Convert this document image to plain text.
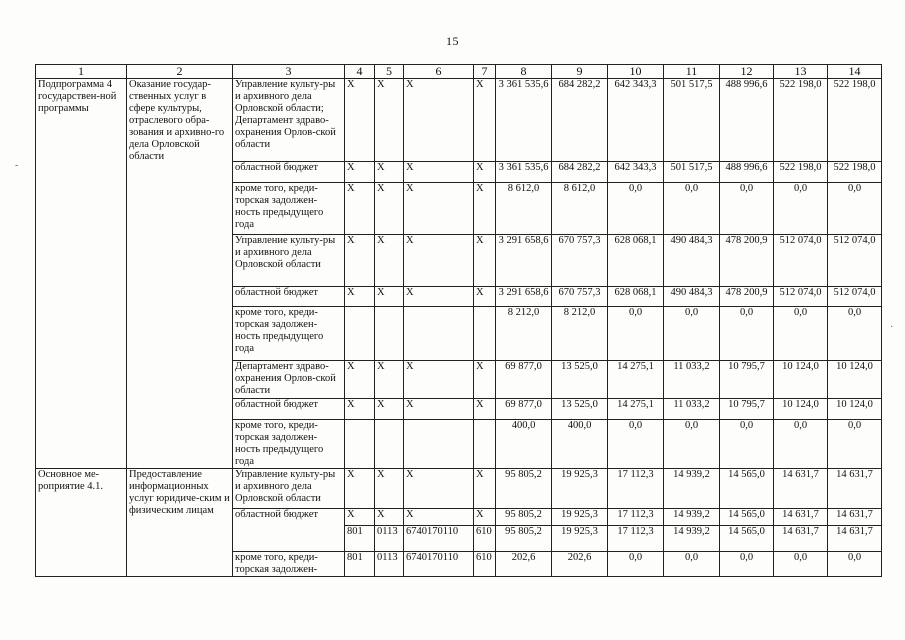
15
1	2	3	4	5	6	7	8	9	10	11	12	13	14
Подпрограмма 4 государствен-ной программы	Оказание государ-ственных услуг в сфере культуры, отраслевого обра-зования и архивно-го дела Орловской области	Управление культу-ры и архивного дела Орловской области; Департамент здраво-охранения Орлов-ской области	X	X	X	X	3 361 535,6	684 282,2	642 343,3	501 517,5	488 996,6	522 198,0	522 198,0
		областной бюджет	X	X	X	X	3 361 535,6	684 282,2	642 343,3	501 517,5	488 996,6	522 198,0	522 198,0
		кроме того, креди-торская задолжен-ность предыдущего года	X	X	X	X	8 612,0	8 612,0	0,0	0,0	0,0	0,0	0,0
		Управление культу-ры и архивного дела Орловской области	X	X	X	X	3 291 658,6	670 757,3	628 068,1	490 484,3	478 200,9	512 074,0	512 074,0
		областной бюджет	X	X	X	X	3 291 658,6	670 757,3	628 068,1	490 484,3	478 200,9	512 074,0	512 074,0
		кроме того, креди-торская задолжен-ность предыдущего года					8 212,0	8 212,0	0,0	0,0	0,0	0,0	0,0
		Департамент здраво-охранения Орлов-ской области	X	X	X	X	69 877,0	13 525,0	14 275,1	11 033,2	10 795,7	10 124,0	10 124,0
		областной бюджет	X	X	X	X	69 877,0	13 525,0	14 275,1	11 033,2	10 795,7	10 124,0	10 124,0
		кроме того, креди-торская задолжен-ность предыдущего года					400,0	400,0	0,0	0,0	0,0	0,0	0,0
Основное ме-роприятие 4.1.	Предоставление информационных услуг юридиче-ским и физическим лицам	Управление культу-ры и архивного дела Орловской области	X	X	X	X	95 805,2	19 925,3	17 112,3	14 939,2	14 565,0	14 631,7	14 631,7
		областной бюджет	X	X	X	X	95 805,2	19 925,3	17 112,3	14 939,2	14 565,0	14 631,7	14 631,7
			801	0113	6740170110	610	95 805,2	19 925,3	17 112,3	14 939,2	14 565,0	14 631,7	14 631,7
		кроме того, креди-торская задолжен-	801	0113	6740170110	610	202,6	202,6	0,0	0,0	0,0	0,0	0,0
-
·
